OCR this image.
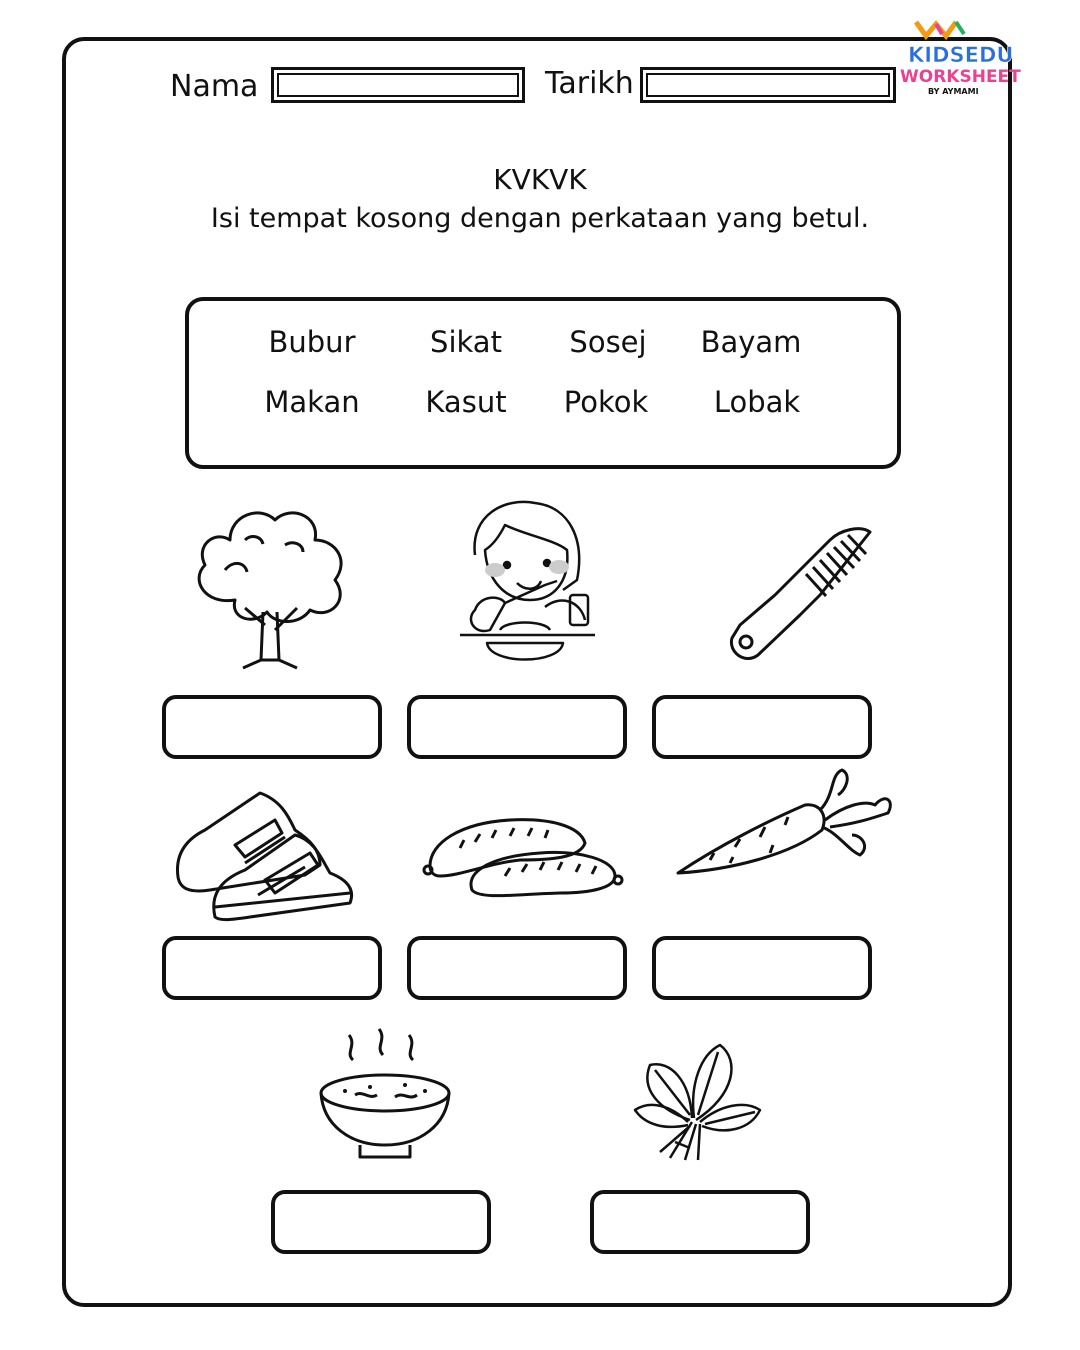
Nama	Tarikh
KIDSEDU
WORKSHEET
BY AYMAMI
KVKVK
Isi tempat kosong dengan perkataan yang betul.
Bubur	Sikat Sosej Bayam
Makan Kasut Pokok Lobak
